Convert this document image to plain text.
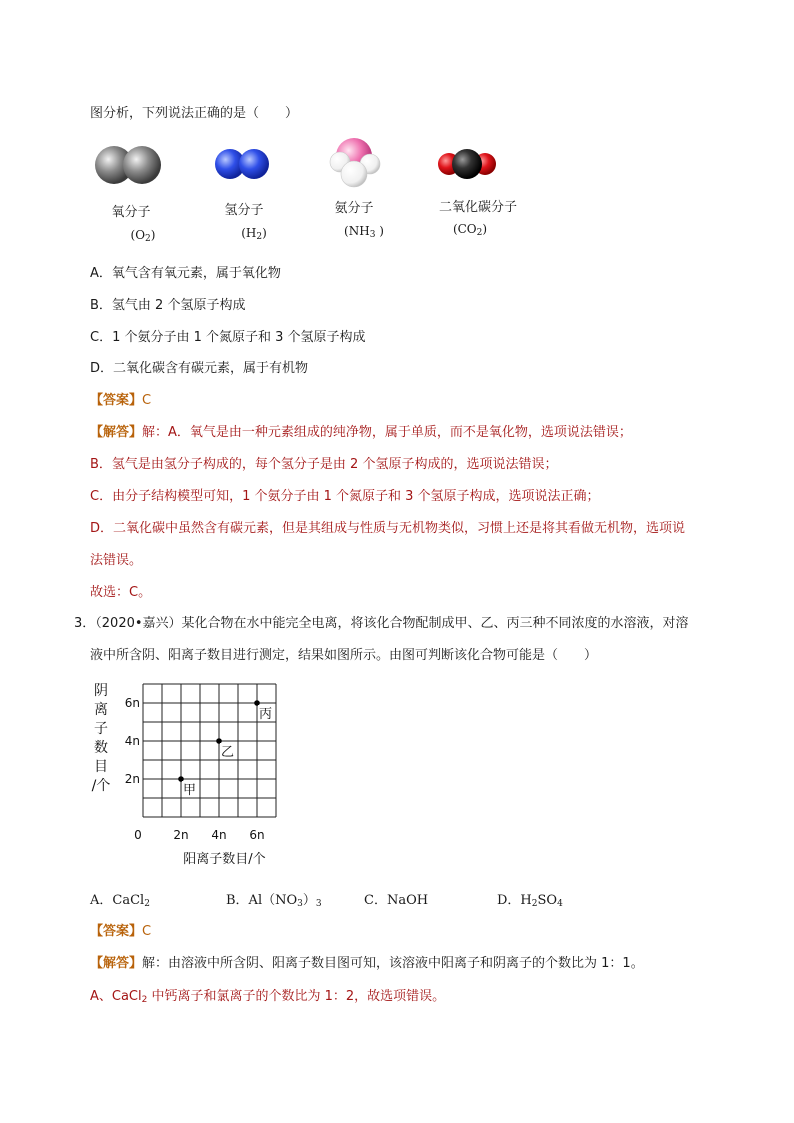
图分析，下列说法正确的是（　　）
氧分子	氢分子	氨分子	二氧化碳分子
$(O_2)$	$(H_2)$	($NH_3$ )	$(CO_2)$
A．氧气含有氧元素，属于氧化物
B．氢气由 2 个氢原子构成
C．1 个氨分子由 1 个氮原子和 3 个氢原子构成
D．二氧化碳含有碳元素，属于有机物
【答案】C
【解答】解：A．氧气是由一种元素组成的纯净物，属于单质，而不是氧化物，选项说法错误；
B．氢气是由氢分子构成的，每个氢分子是由 2 个氢原子构成的，选项说法错误；
C．由分子结构模型可知，1 个氨分子由 1 个氮原子和 3 个氢原子构成，选项说法正确；
D．二氧化碳中虽然含有碳元素，但是其组成与性质与无机物类似，习惯上还是将其看做无机物，选项说
法错误。
故选：C。
3．（2020•嘉兴）某化合物在水中能完全电离，将该化合物配制成甲、乙、丙三种不同浓度的水溶液，对溶
液中所含阴、阳离子数目进行测定，结果如图所示。由图可判断该化合物可能是（　　）
阴
离
子
数
目
/个
6n
4n
2n
0	2n 4n 6n
阳离子数目/个
甲
乙
丙
A．CaCl$_2$	B．$Al(NO_3)_3$	C．NaOH	D．$H_2SO_4$
【答案】C
【解答】解：由溶液中所含阴、阳离子数目图可知，该溶液中阳离子和阴离子的个数比为 1：1。
A、CaCl$_2$ 中钙离子和氯离子的个数比为 1：2，故选项错误。
